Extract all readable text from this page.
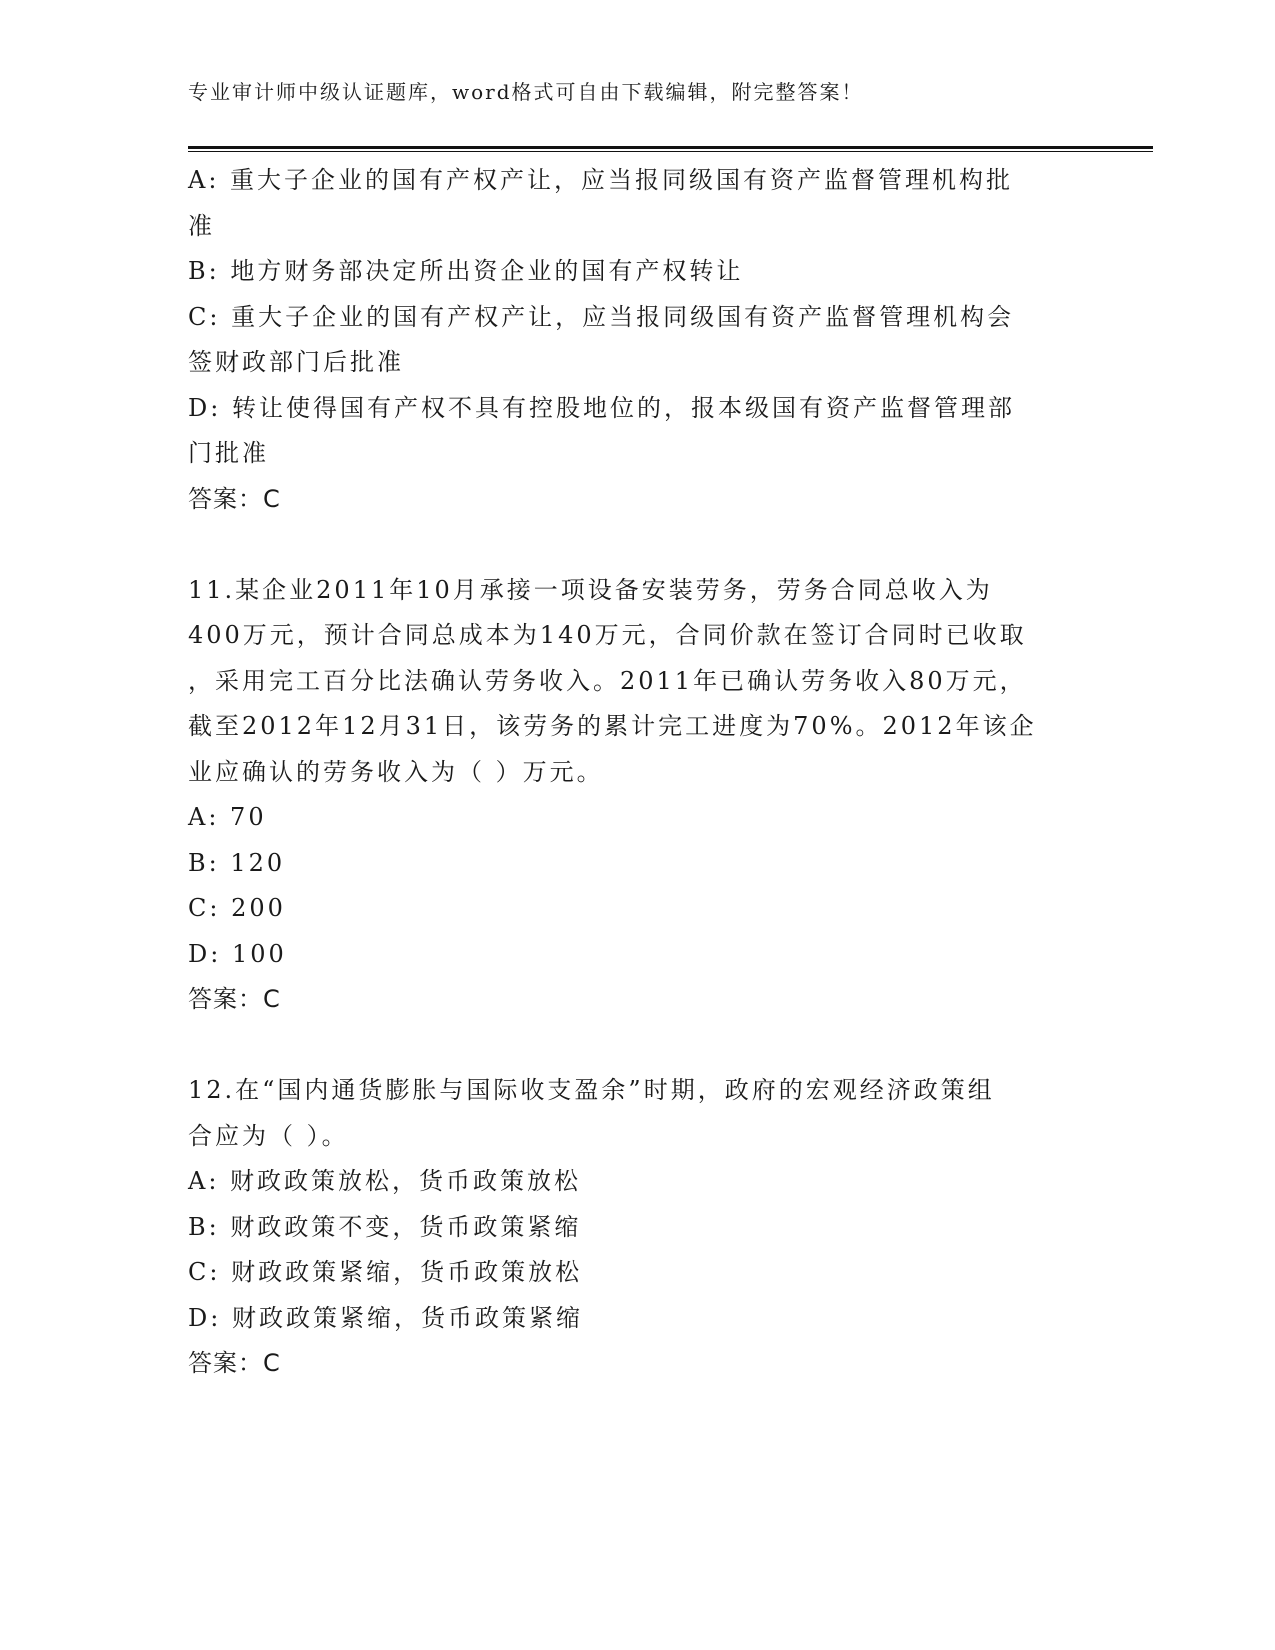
专业审计师中级认证题库，word格式可自由下载编辑，附完整答案！
A: 重大子企业的国有产权产让，应当报同级国有资产监督管理机构批
准
B: 地方财务部决定所出资企业的国有产权转让
C: 重大子企业的国有产权产让，应当报同级国有资产监督管理机构会
签财政部门后批准
D: 转让使得国有产权不具有控股地位的，报本级国有资产监督管理部
门批准
答案：C
11.某企业2011年10月承接一项设备安装劳务，劳务合同总收入为
400万元，预计合同总成本为140万元，合同价款在签订合同时已收取
，采用完工百分比法确认劳务收入。2011年已确认劳务收入80万元，
截至2012年12月31日，该劳务的累计完工进度为70%。2012年该企
业应确认的劳务收入为（ ）万元。
A: 70
B: 120
C: 200
D: 100
答案：C
12.在“国内通货膨胀与国际收支盈余”时期，政府的宏观经济政策组
合应为（ ）。
A: 财政政策放松，货币政策放松
B: 财政政策不变，货币政策紧缩
C: 财政政策紧缩，货币政策放松
D: 财政政策紧缩，货币政策紧缩
答案：C
